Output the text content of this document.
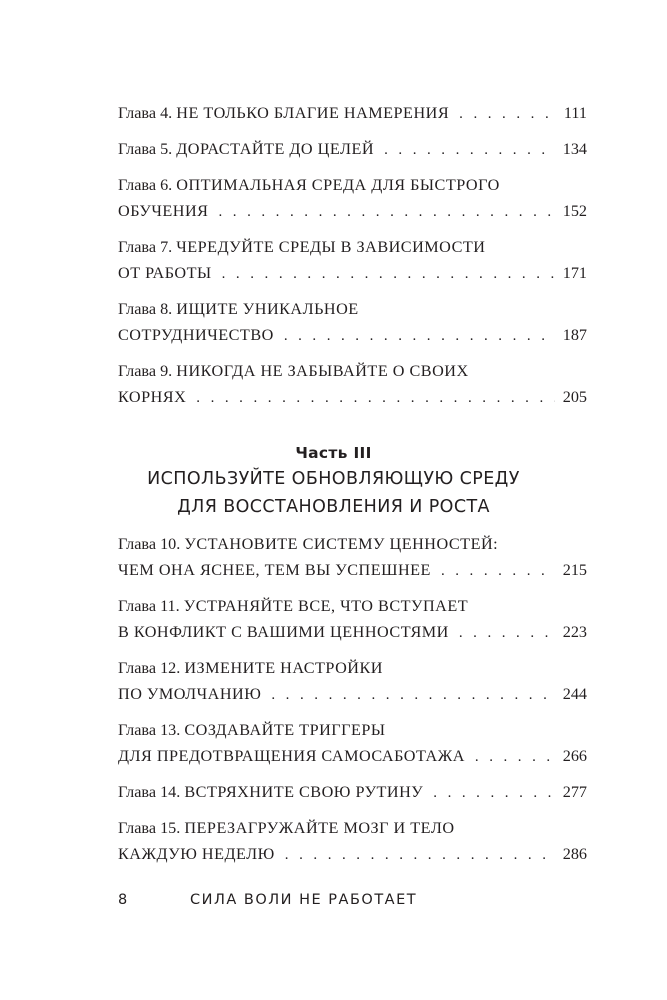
Глава 4. НЕ ТОЛЬКО БЛАГИЕ НАМЕРЕНИЯ . . .	111
Глава 5. ДОРАСТАЙТЕ ДО ЦЕЛЕЙ . . .	134
Глава 6. ОПТИМАЛЬНАЯ СРЕДА ДЛЯ БЫСТРОГО
ОБУЧЕНИЯ . . .	152
Глава 7. ЧЕРЕДУЙТЕ СРЕДЫ В ЗАВИСИМОСТИ
ОТ РАБОТЫ . . .	171
Глава 8. ИЩИТЕ УНИКАЛЬНОЕ
СОТРУДНИЧЕСТВО . . .	187
Глава 9. НИКОГДА НЕ ЗАБЫВАЙТЕ О СВОИХ
КОРНЯХ . . .	205
Часть III
ИСПОЛЬЗУЙТЕ ОБНОВЛЯЮЩУЮ СРЕДУ
ДЛЯ ВОССТАНОВЛЕНИЯ И РОСТА
Глава 10. УСТАНОВИТЕ СИСТЕМУ ЦЕННОСТЕЙ:
ЧЕМ ОНА ЯСНЕЕ, ТЕМ ВЫ УСПЕШНЕЕ . . .	215
Глава 11. УСТРАНЯЙТЕ ВСЕ, ЧТО ВСТУПАЕТ
В КОНФЛИКТ С ВАШИМИ ЦЕННОСТЯМИ . . .	223
Глава 12. ИЗМЕНИТЕ НАСТРОЙКИ
ПО УМОЛЧАНИЮ . . .	244
Глава 13. СОЗДАВАЙТЕ ТРИГГЕРЫ
ДЛЯ ПРЕДОТВРАЩЕНИЯ САМОСАБОТАЖА . . .	266
Глава 14. ВСТРЯХНИТЕ СВОЮ РУТИНУ . . .	277
Глава 15. ПЕРЕЗАГРУЖАЙТЕ МОЗГ И ТЕЛО
КАЖДУЮ НЕДЕЛЮ . . .	286
8	СИЛА ВОЛИ НЕ РАБОТАЕТ
